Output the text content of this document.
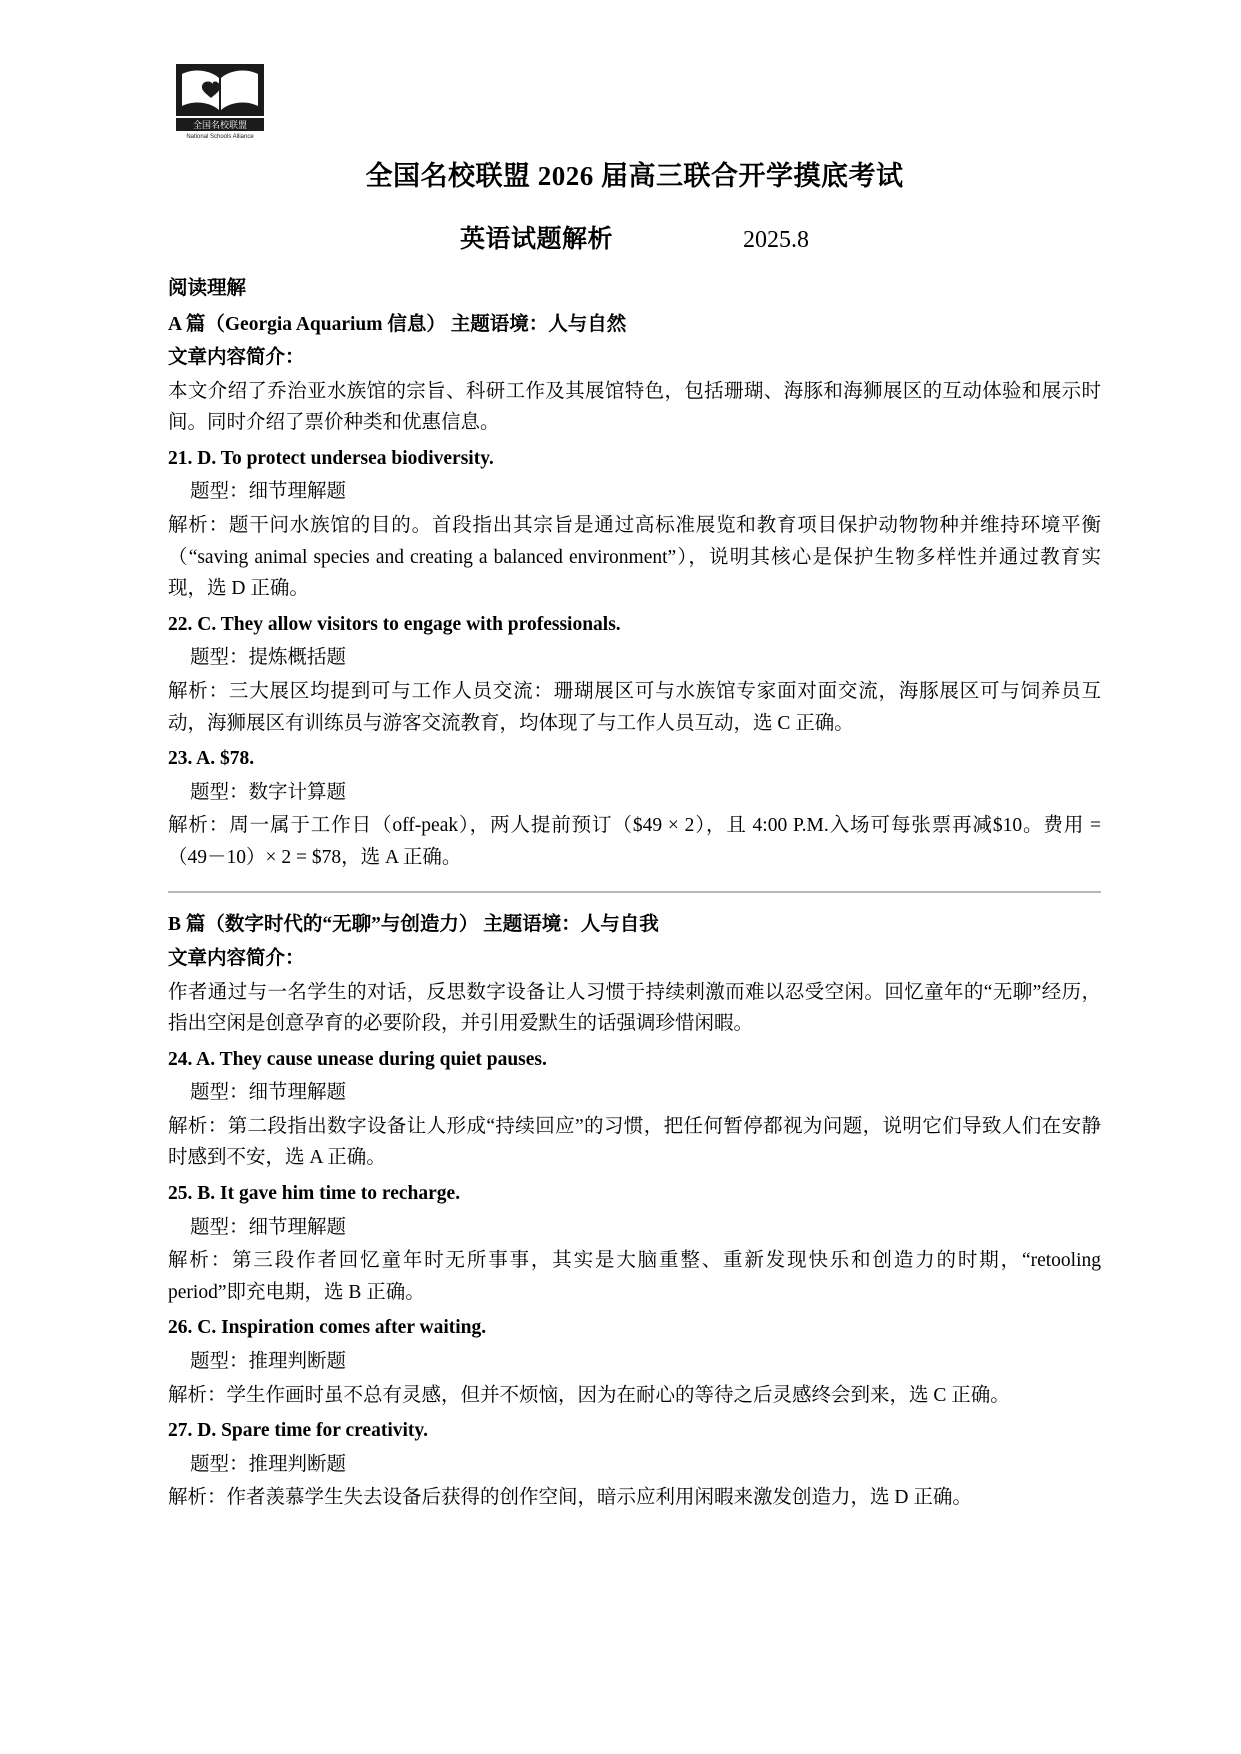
全国名校联盟
National Schools Alliance
全国名校联盟 2026 届高三联合开学摸底考试
英语试题解析	2025.8
阅读理解
A 篇（Georgia Aquarium 信息） 主题语境：人与自然
文章内容简介：

本文介绍了乔治亚水族馆的宗旨、科研工作及其展馆特色，包括珊瑚、海豚和海狮展区的互动体验和展示时间。同时介绍了票价种类和优惠信息。

21. D. To protect undersea biodiversity.
题型：细节理解题

解析：题干问水族馆的目的。首段指出其宗旨是通过高标准展览和教育项目保护动物物种并维持环境平衡（“saving animal species and creating a balanced environment”），说明其核心是保护生物多样性并通过教育实现，选 D 正确。

22. C. They allow visitors to engage with professionals.
题型：提炼概括题

解析：三大展区均提到可与工作人员交流：珊瑚展区可与水族馆专家面对面交流，海豚展区可与饲养员互动，海狮展区有训练员与游客交流教育，均体现了与工作人员互动，选 C 正确。

23. A. $78.
题型：数字计算题

解析：周一属于工作日（off-peak），两人提前预订（$49 × 2），且 4:00 P.M.入场可每张票再减$10。费用 =（49－10）× 2 = $78，选 A 正确。

B 篇（数字时代的“无聊”与创造力） 主题语境：人与自我
文章内容简介：

作者通过与一名学生的对话，反思数字设备让人习惯于持续刺激而难以忍受空闲。回忆童年的“无聊”经历，指出空闲是创意孕育的必要阶段，并引用爱默生的话强调珍惜闲暇。

24. A. They cause unease during quiet pauses.
题型：细节理解题

解析：第二段指出数字设备让人形成“持续回应”的习惯，把任何暂停都视为问题，说明它们导致人们在安静时感到不安，选 A 正确。

25. B. It gave him time to recharge.
题型：细节理解题

解析：第三段作者回忆童年时无所事事，其实是大脑重整、重新发现快乐和创造力的时期，“retooling period”即充电期，选 B 正确。

26. C. Inspiration comes after waiting.
题型：推理判断题

解析：学生作画时虽不总有灵感，但并不烦恼，因为在耐心的等待之后灵感终会到来，选 C 正确。

27. D. Spare time for creativity.
题型：推理判断题

解析：作者羡慕学生失去设备后获得的创作空间，暗示应利用闲暇来激发创造力，选 D 正确。
